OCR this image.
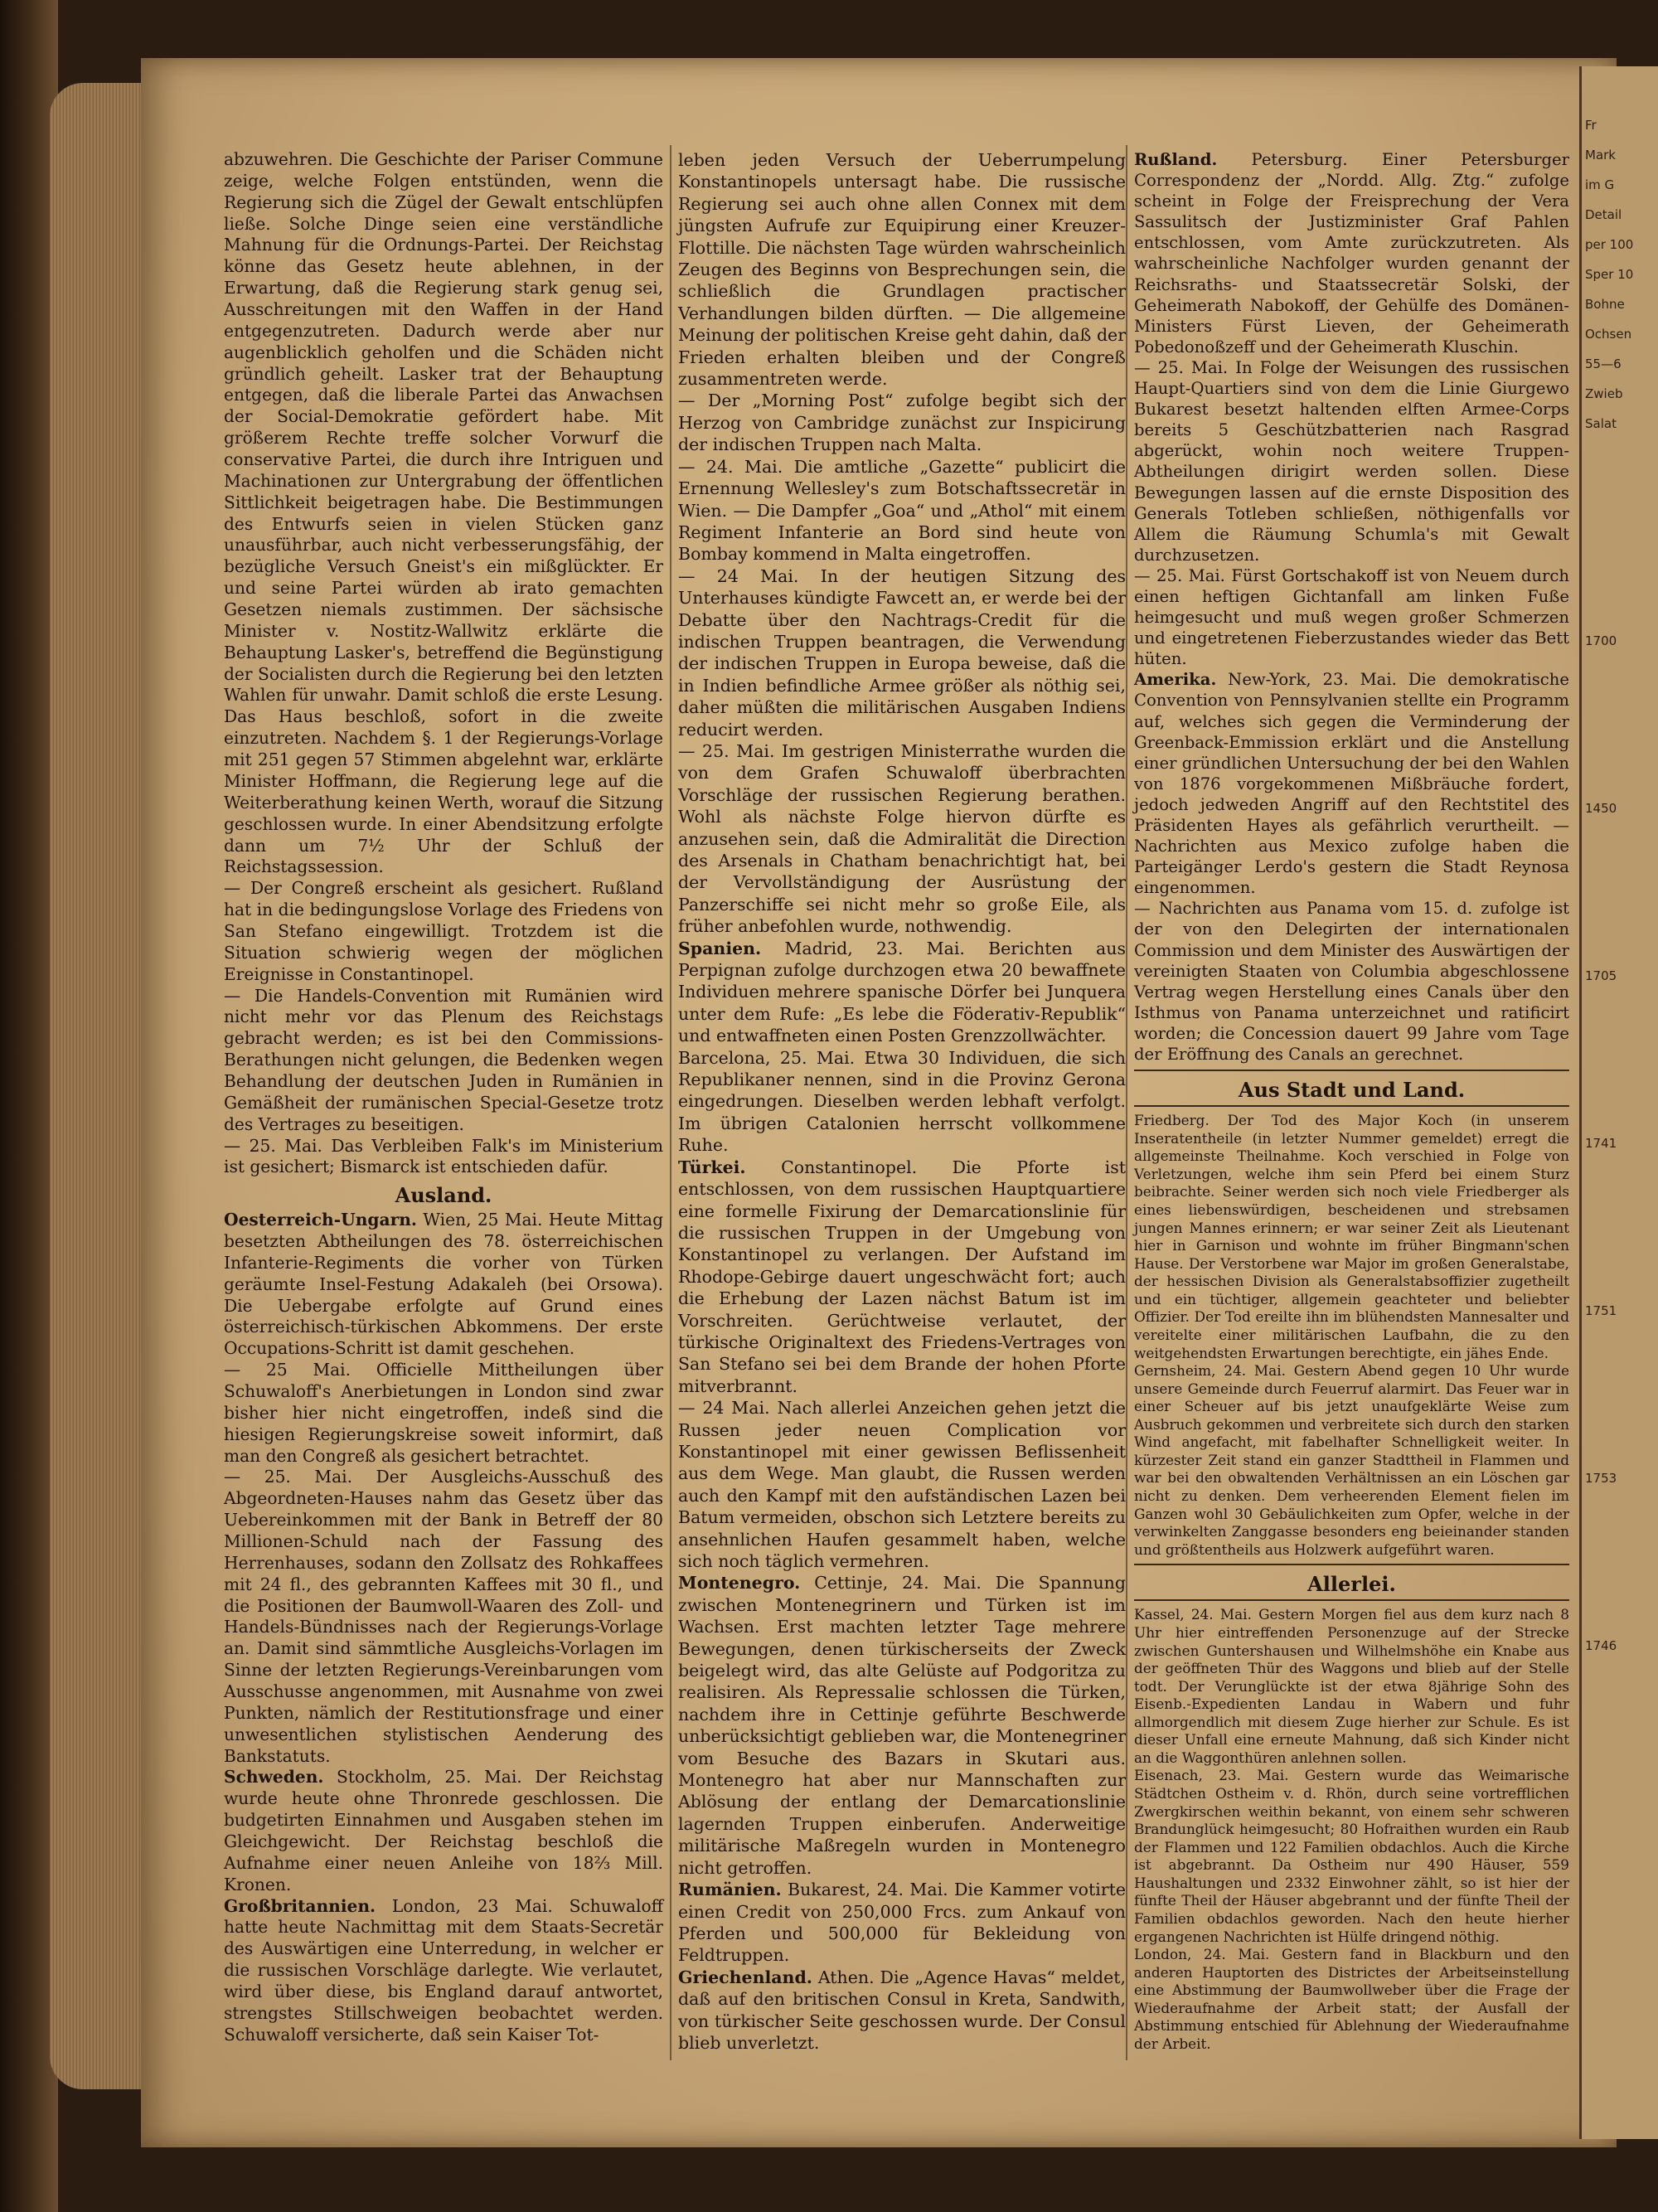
Fr
Mark
im G
Detail
per 100
Sper 10
Bohne
Ochsen
55—6
Zwieb
Salat
1700
1450
1705
1741
1751
1753
1746

abzuwehren. Die Geschichte der Pariser Commune zeige, welche Folgen entstünden, wenn die Regierung sich die Zügel der Gewalt entschlüpfen ließe. Solche Dinge seien eine verständliche Mahnung für die Ordnungs-Partei. Der Reichstag könne das Gesetz heute ablehnen, in der Erwartung, daß die Regierung stark genug sei, Ausschreitungen mit den Waffen in der Hand entgegenzutreten. Dadurch werde aber nur augenblicklich geholfen und die Schäden nicht gründlich geheilt. Lasker trat der Behauptung entgegen, daß die liberale Partei das Anwachsen der Social-Demokratie gefördert habe. Mit größerem Rechte treffe solcher Vorwurf die conservative Partei, die durch ihre Intriguen und Machinationen zur Untergrabung der öffentlichen Sittlichkeit beigetragen habe. Die Bestimmungen des Entwurfs seien in vielen Stücken ganz unausführbar, auch nicht verbesserungsfähig, der bezügliche Versuch Gneist's ein mißglückter. Er und seine Partei würden ab irato gemachten Gesetzen niemals zustimmen. Der sächsische Minister v. Nostitz-Wallwitz erklärte die Behauptung Lasker's, betreffend die Begünstigung der Socialisten durch die Regierung bei den letzten Wahlen für unwahr. Damit schloß die erste Lesung. Das Haus beschloß, sofort in die zweite einzutreten. Nachdem §. 1 der Regierungs-Vorlage mit 251 gegen 57 Stimmen abgelehnt war, erklärte Minister Hoffmann, die Regierung lege auf die Weiterberathung keinen Werth, worauf die Sitzung geschlossen wurde. In einer Abendsitzung erfolgte dann um 7½ Uhr der Schluß der Reichstagssession.

— Der Congreß erscheint als gesichert. Rußland hat in die bedingungslose Vorlage des Friedens von San Stefano eingewilligt. Trotzdem ist die Situation schwierig wegen der möglichen Ereignisse in Constantinopel.

— Die Handels-Convention mit Rumänien wird nicht mehr vor das Plenum des Reichstags gebracht werden; es ist bei den Commissions-Berathungen nicht gelungen, die Bedenken wegen Behandlung der deutschen Juden in Rumänien in Gemäßheit der rumänischen Special-Gesetze trotz des Vertrages zu beseitigen.

— 25. Mai. Das Verbleiben Falk's im Ministerium ist gesichert; Bismarck ist entschieden dafür.

Ausland.

Oesterreich-Ungarn. Wien, 25 Mai. Heute Mittag besetzten Abtheilungen des 78. österreichischen Infanterie-Regiments die vorher von Türken geräumte Insel-Festung Adakaleh (bei Orsowa). Die Uebergabe erfolgte auf Grund eines österreichisch-türkischen Abkommens. Der erste Occupations-Schritt ist damit geschehen.

— 25 Mai. Officielle Mittheilungen über Schuwaloff's Anerbietungen in London sind zwar bisher hier nicht eingetroffen, indeß sind die hiesigen Regierungskreise soweit informirt, daß man den Congreß als gesichert betrachtet.

— 25. Mai. Der Ausgleichs-Ausschuß des Abgeordneten-Hauses nahm das Gesetz über das Uebereinkommen mit der Bank in Betreff der 80 Millionen-Schuld nach der Fassung des Herrenhauses, sodann den Zollsatz des Rohkaffees mit 24 fl., des gebrannten Kaffees mit 30 fl., und die Positionen der Baumwoll-Waaren des Zoll- und Handels-Bündnisses nach der Regierungs-Vorlage an. Damit sind sämmtliche Ausgleichs-Vorlagen im Sinne der letzten Regierungs-Vereinbarungen vom Ausschusse angenommen, mit Ausnahme von zwei Punkten, nämlich der Restitutionsfrage und einer unwesentlichen stylistischen Aenderung des Bankstatuts.

Schweden. Stockholm, 25. Mai. Der Reichstag wurde heute ohne Thronrede geschlossen. Die budgetirten Einnahmen und Ausgaben stehen im Gleichgewicht. Der Reichstag beschloß die Aufnahme einer neuen Anleihe von 18⅔ Mill. Kronen.

Großbritannien. London, 23 Mai. Schuwaloff hatte heute Nachmittag mit dem Staats-Secretär des Auswärtigen eine Unterredung, in welcher er die russischen Vorschläge darlegte. Wie verlautet, wird über diese, bis England darauf antwortet, strengstes Stillschweigen beobachtet werden. Schuwaloff versicherte, daß sein Kaiser Tot-

leben jeden Versuch der Ueberrumpelung Konstantinopels untersagt habe. Die russische Regierung sei auch ohne allen Connex mit dem jüngsten Aufrufe zur Equipirung einer Kreuzer-Flottille. Die nächsten Tage würden wahrscheinlich Zeugen des Beginns von Besprechungen sein, die schließlich die Grundlagen practischer Verhandlungen bilden dürften. — Die allgemeine Meinung der politischen Kreise geht dahin, daß der Frieden erhalten bleiben und der Congreß zusammentreten werde.

— Der „Morning Post“ zufolge begibt sich der Herzog von Cambridge zunächst zur Inspicirung der indischen Truppen nach Malta.

— 24. Mai. Die amtliche „Gazette“ publicirt die Ernennung Wellesley's zum Botschaftssecretär in Wien. — Die Dampfer „Goa“ und „Athol“ mit einem Regiment Infanterie an Bord sind heute von Bombay kommend in Malta eingetroffen.

— 24 Mai. In der heutigen Sitzung des Unterhauses kündigte Fawcett an, er werde bei der Debatte über den Nachtrags-Credit für die indischen Truppen beantragen, die Verwendung der indischen Truppen in Europa beweise, daß die in Indien befindliche Armee größer als nöthig sei, daher müßten die militärischen Ausgaben Indiens reducirt werden.

— 25. Mai. Im gestrigen Ministerrathe wurden die von dem Grafen Schuwaloff überbrachten Vorschläge der russischen Regierung berathen. Wohl als nächste Folge hiervon dürfte es anzusehen sein, daß die Admiralität die Direction des Arsenals in Chatham benachrichtigt hat, bei der Vervollständigung der Ausrüstung der Panzerschiffe sei nicht mehr so große Eile, als früher anbefohlen wurde, nothwendig.

Spanien. Madrid, 23. Mai. Berichten aus Perpignan zufolge durchzogen etwa 20 bewaffnete Individuen mehrere spanische Dörfer bei Junquera unter dem Rufe: „Es lebe die Föderativ-Republik“ und entwaffneten einen Posten Grenzzollwächter.

Barcelona, 25. Mai. Etwa 30 Individuen, die sich Republikaner nennen, sind in die Provinz Gerona eingedrungen. Dieselben werden lebhaft verfolgt. Im übrigen Catalonien herrscht vollkommene Ruhe.

Türkei. Constantinopel. Die Pforte ist entschlossen, von dem russischen Hauptquartiere eine formelle Fixirung der Demarcationslinie für die russischen Truppen in der Umgebung von Konstantinopel zu verlangen. Der Aufstand im Rhodope-Gebirge dauert ungeschwächt fort; auch die Erhebung der Lazen nächst Batum ist im Vorschreiten. Gerüchtweise verlautet, der türkische Originaltext des Friedens-Vertrages von San Stefano sei bei dem Brande der hohen Pforte mitverbrannt.

— 24 Mai. Nach allerlei Anzeichen gehen jetzt die Russen jeder neuen Complication vor Konstantinopel mit einer gewissen Beflissenheit aus dem Wege. Man glaubt, die Russen werden auch den Kampf mit den aufständischen Lazen bei Batum vermeiden, obschon sich Letztere bereits zu ansehnlichen Haufen gesammelt haben, welche sich noch täglich vermehren.

Montenegro. Cettinje, 24. Mai. Die Spannung zwischen Montenegrinern und Türken ist im Wachsen. Erst machten letzter Tage mehrere Bewegungen, denen türkischerseits der Zweck beigelegt wird, das alte Gelüste auf Podgoritza zu realisiren. Als Repressalie schlossen die Türken, nachdem ihre in Cettinje geführte Beschwerde unberücksichtigt geblieben war, die Montenegriner vom Besuche des Bazars in Skutari aus. Montenegro hat aber nur Mannschaften zur Ablösung der entlang der Demarcationslinie lagernden Truppen einberufen. Anderweitige militärische Maßregeln wurden in Montenegro nicht getroffen.

Rumänien. Bukarest, 24. Mai. Die Kammer votirte einen Credit von 250,000 Frcs. zum Ankauf von Pferden und 500,000 für Bekleidung von Feldtruppen.

Griechenland. Athen. Die „Agence Havas“ meldet, daß auf den britischen Consul in Kreta, Sandwith, von türkischer Seite geschossen wurde. Der Consul blieb unverletzt.

Rußland. Petersburg. Einer Petersburger Correspondenz der „Nordd. Allg. Ztg.“ zufolge scheint in Folge der Freisprechung der Vera Sassulitsch der Justizminister Graf Pahlen entschlossen, vom Amte zurückzutreten. Als wahrscheinliche Nachfolger wurden genannt der Reichsraths- und Staatssecretär Solski, der Geheimerath Nabokoff, der Gehülfe des Domänen-Ministers Fürst Lieven, der Geheimerath Pobedonoßzeff und der Geheimerath Kluschin.

— 25. Mai. In Folge der Weisungen des russischen Haupt-Quartiers sind von dem die Linie Giurgewo Bukarest besetzt haltenden elften Armee-Corps bereits 5 Geschützbatterien nach Rasgrad abgerückt, wohin noch weitere Truppen-Abtheilungen dirigirt werden sollen. Diese Bewegungen lassen auf die ernste Disposition des Generals Totleben schließen, nöthigenfalls vor Allem die Räumung Schumla's mit Gewalt durchzusetzen.

— 25. Mai. Fürst Gortschakoff ist von Neuem durch einen heftigen Gichtanfall am linken Fuße heimgesucht und muß wegen großer Schmerzen und eingetretenen Fieberzustandes wieder das Bett hüten.

Amerika. New-York, 23. Mai. Die demokratische Convention von Pennsylvanien stellte ein Programm auf, welches sich gegen die Verminderung der Greenback-Emmission erklärt und die Anstellung einer gründlichen Untersuchung der bei den Wahlen von 1876 vorgekommenen Mißbräuche fordert, jedoch jedweden Angriff auf den Rechtstitel des Präsidenten Hayes als gefährlich verurtheilt. — Nachrichten aus Mexico zufolge haben die Parteigänger Lerdo's gestern die Stadt Reynosa eingenommen.

— Nachrichten aus Panama vom 15. d. zufolge ist der von den Delegirten der internationalen Commission und dem Minister des Auswärtigen der vereinigten Staaten von Columbia abgeschlossene Vertrag wegen Herstellung eines Canals über den Isthmus von Panama unterzeichnet und ratificirt worden; die Concession dauert 99 Jahre vom Tage der Eröffnung des Canals an gerechnet.

Aus Stadt und Land.

Friedberg. Der Tod des Major Koch (in unserem Inseratentheile (in letzter Nummer gemeldet) erregt die allgemeinste Theilnahme. Koch verschied in Folge von Verletzungen, welche ihm sein Pferd bei einem Sturz beibrachte. Seiner werden sich noch viele Friedberger als eines liebenswürdigen, bescheidenen und strebsamen jungen Mannes erinnern; er war seiner Zeit als Lieutenant hier in Garnison und wohnte im früher Bingmann'schen Hause. Der Verstorbene war Major im großen Generalstabe, der hessischen Division als Generalstabsoffizier zugetheilt und ein tüchtiger, allgemein geachteter und beliebter Offizier. Der Tod ereilte ihn im blühendsten Mannesalter und vereitelte einer militärischen Laufbahn, die zu den weitgehendsten Erwartungen berechtigte, ein jähes Ende.

Gernsheim, 24. Mai. Gestern Abend gegen 10 Uhr wurde unsere Gemeinde durch Feuerruf alarmirt. Das Feuer war in einer Scheuer auf bis jetzt unaufgeklärte Weise zum Ausbruch gekommen und verbreitete sich durch den starken Wind angefacht, mit fabelhafter Schnelligkeit weiter. In kürzester Zeit stand ein ganzer Stadttheil in Flammen und war bei den obwaltenden Verhältnissen an ein Löschen gar nicht zu denken. Dem verheerenden Element fielen im Ganzen wohl 30 Gebäulichkeiten zum Opfer, welche in der verwinkelten Zanggasse besonders eng beieinander standen und größtentheils aus Holzwerk aufgeführt waren.

Allerlei.

Kassel, 24. Mai. Gestern Morgen fiel aus dem kurz nach 8 Uhr hier eintreffenden Personenzuge auf der Strecke zwischen Guntershausen und Wilhelmshöhe ein Knabe aus der geöffneten Thür des Waggons und blieb auf der Stelle todt. Der Verunglückte ist der etwa 8jährige Sohn des Eisenb.-Expedienten Landau in Wabern und fuhr allmorgendlich mit diesem Zuge hierher zur Schule. Es ist dieser Unfall eine erneute Mahnung, daß sich Kinder nicht an die Waggonthüren anlehnen sollen.

Eisenach, 23. Mai. Gestern wurde das Weimarische Städtchen Ostheim v. d. Rhön, durch seine vortrefflichen Zwergkirschen weithin bekannt, von einem sehr schweren Brandunglück heimgesucht; 80 Hofraithen wurden ein Raub der Flammen und 122 Familien obdachlos. Auch die Kirche ist abgebrannt. Da Ostheim nur 490 Häuser, 559 Haushaltungen und 2332 Einwohner zählt, so ist hier der fünfte Theil der Häuser abgebrannt und der fünfte Theil der Familien obdachlos geworden. Nach den heute hierher ergangenen Nachrichten ist Hülfe dringend nöthig.

London, 24. Mai. Gestern fand in Blackburn und den anderen Hauptorten des Districtes der Arbeitseinstellung eine Abstimmung der Baumwollweber über die Frage der Wiederaufnahme der Arbeit statt; der Ausfall der Abstimmung entschied für Ablehnung der Wiederaufnahme der Arbeit.
